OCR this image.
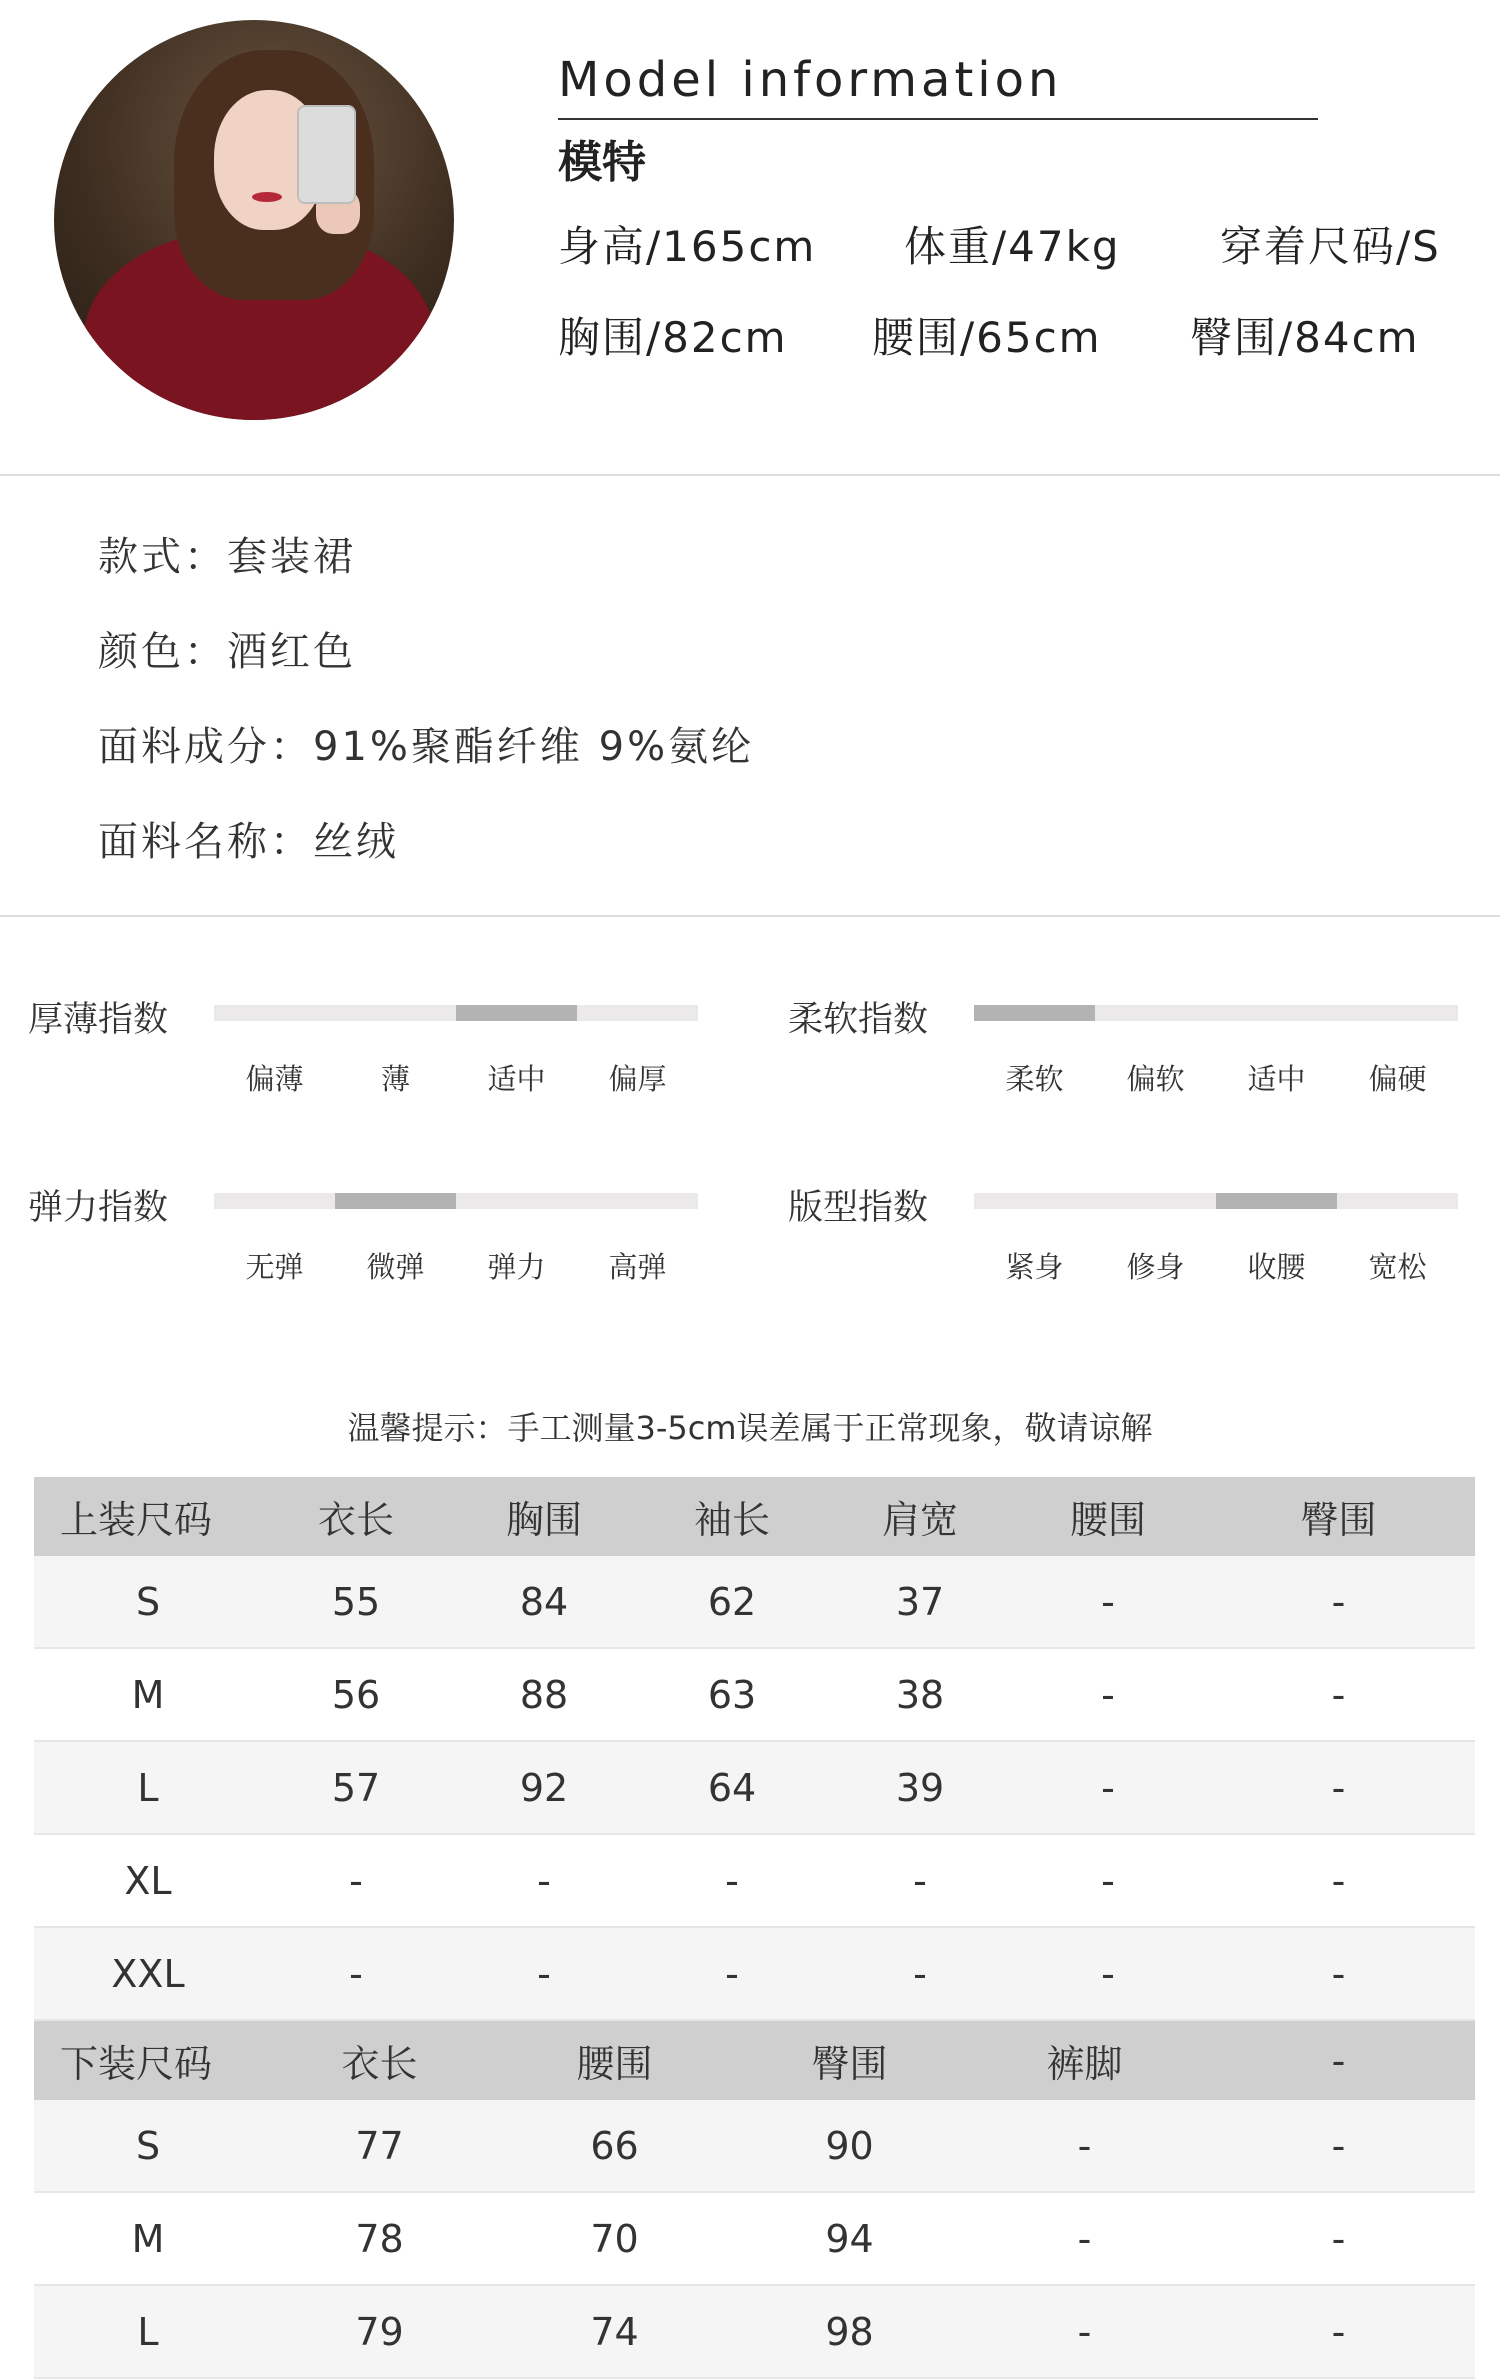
Model information
模特
身高/165cm 体重/47kg 穿着尺码/S
胸围/82cm 腰围/65cm 臀围/84cm
款式：套装裙
颜色：酒红色
面料成分：91%聚酯纤维 9%氨纶
面料名称：丝绒
厚薄指数
偏薄	薄	适中	偏厚
柔软指数
柔软	偏软	适中	偏硬
弹力指数
无弹	微弹	弹力	高弹
版型指数
紧身	修身	收腰	宽松
温馨提示：手工测量3-5cm误差属于正常现象，敬请谅解
上装尺码	衣长	胸围	袖长	肩宽	腰围	臀围
S	55	84	62	37	-	-
M	56	88	63	38	-	-
L	57	92	64	39	-	-
XL	-	-	-	-	-	-
XXL	-	-	-	-	-	-
下装尺码	衣长	腰围	臀围	裤脚	-
S	77	66	90	-	-
M	78	70	94	-	-
L	79	74	98	-	-
